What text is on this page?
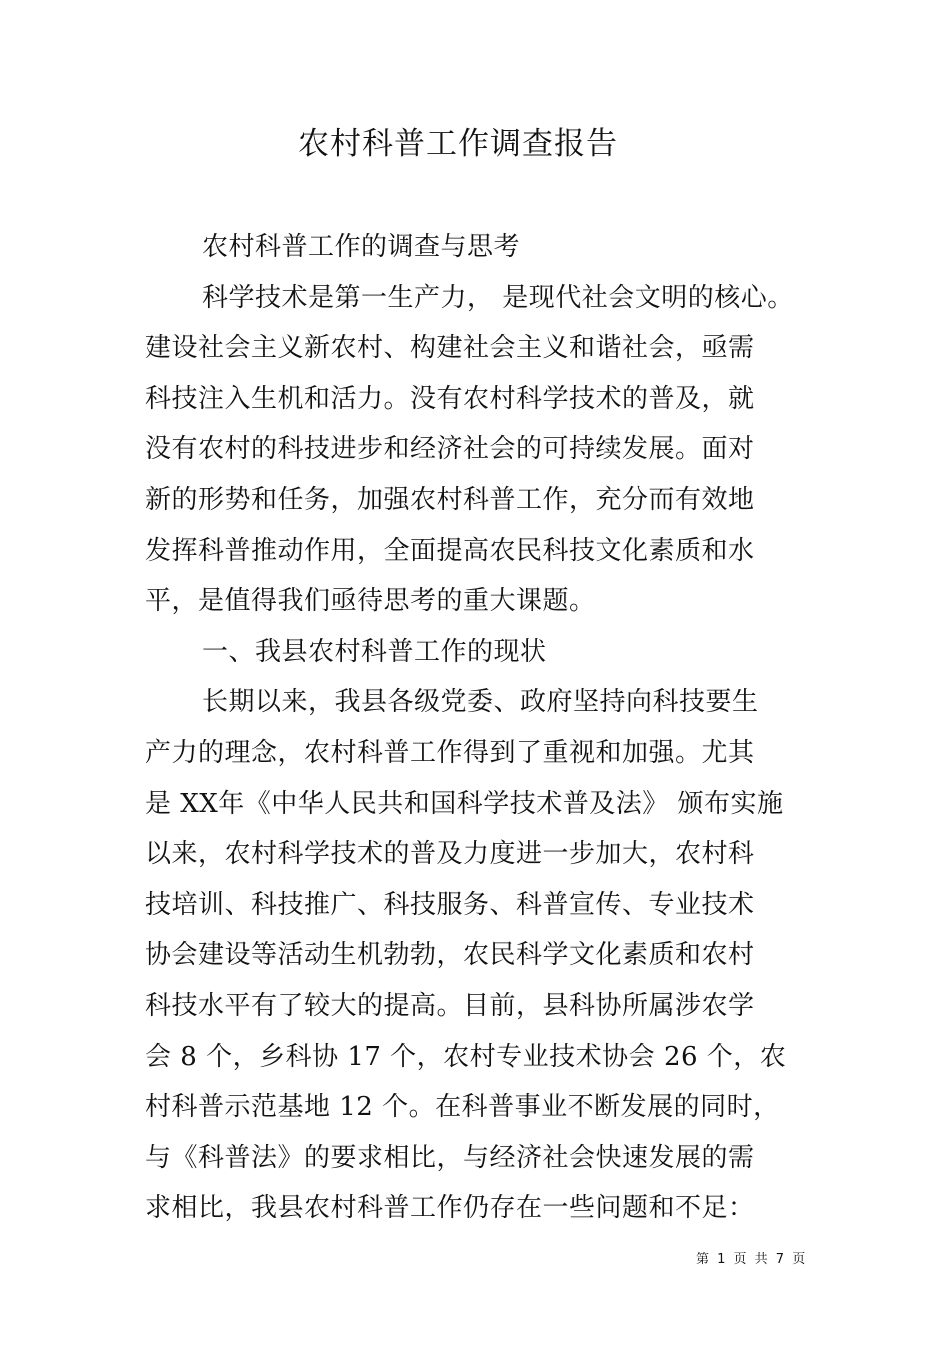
农村科普工作调查报告
农村科普工作的调查与思考
科学技术是第一生产力， 是现代社会文明的核心。
建设社会主义新农村、构建社会主义和谐社会，亟需
科技注入生机和活力。没有农村科学技术的普及，就
没有农村的科技进步和经济社会的可持续发展。面对
新的形势和任务，加强农村科普工作，充分而有效地
发挥科普推动作用，全面提高农民科技文化素质和水
平，是值得我们亟待思考的重大课题。
一、我县农村科普工作的现状
长期以来，我县各级党委、政府坚持向科技要生
产力的理念，农村科普工作得到了重视和加强。尤其
是 XX年《中华人民共和国科学技术普及法》 颁布实施
以来，农村科学技术的普及力度进一步加大，农村科
技培训、科技推广、科技服务、科普宣传、专业技术
协会建设等活动生机勃勃，农民科学文化素质和农村
科技水平有了较大的提高。目前，县科协所属涉农学
会 8 个，乡科协 17 个，农村专业技术协会 26 个，农
村科普示范基地 12 个。在科普事业不断发展的同时，
与《科普法》的要求相比，与经济社会快速发展的需
求相比，我县农村科普工作仍存在一些问题和不足：
第 1 页 共 7 页
